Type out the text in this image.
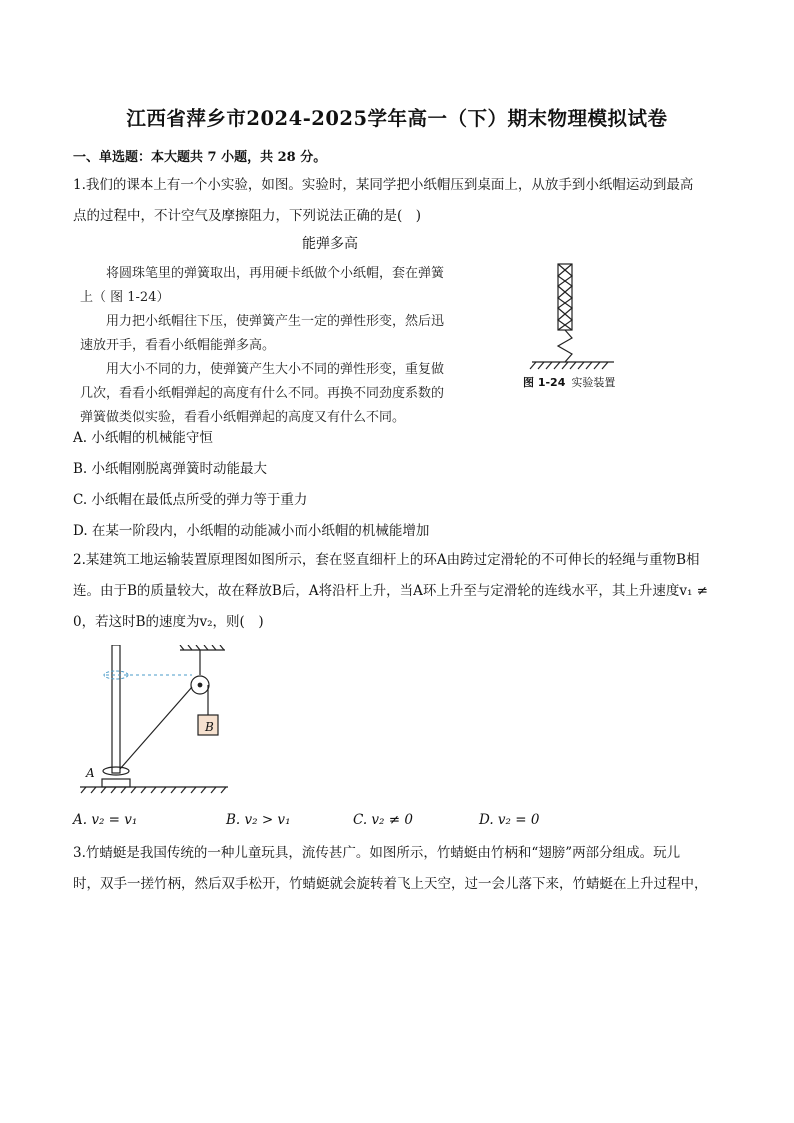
江西省萍乡市2024-2025学年高一（下）期末物理模拟试卷
一、单选题：本大题共 7 小题，共 28 分。
1.我们的课本上有一个小实验，如图。实验时，某同学把小纸帽压到桌面上，从放手到小纸帽运动到最高
点的过程中，不计空气及摩擦阻力，下列说法正确的是(　)
能弹多高

将圆珠笔里的弹簧取出，再用硬卡纸做个小纸帽，套在弹簧

上（ 图 1-24）

用力把小纸帽往下压，使弹簧产生一定的弹性形变，然后迅

速放开手，看看小纸帽能弹多高。

用大小不同的力，使弹簧产生大小不同的弹性形变，重复做

几次，看看小纸帽弹起的高度有什么不同。再换不同劲度系数的

弹簧做类似实验，看看小纸帽弹起的高度又有什么不同。

图 1-24 实验装置
A. 小纸帽的机械能守恒
B. 小纸帽刚脱离弹簧时动能最大
C. 小纸帽在最低点所受的弹力等于重力
D. 在某一阶段内，小纸帽的动能减小而小纸帽的机械能增加
2.某建筑工地运输装置原理图如图所示，套在竖直细杆上的环A由跨过定滑轮的不可伸长的轻绳与重物B相
连。由于B的质量较大，故在释放B后，A将沿杆上升，当A环上升至与定滑轮的连线水平，其上升速度v₁ ≠
0，若这时B的速度为v₂，则(　)
B
A
A. v₂ = v₁	B. v₂ > v₁	C. v₂ ≠ 0	D. v₂ = 0
3.竹蜻蜓是我国传统的一种儿童玩具，流传甚广。如图所示，竹蜻蜓由竹柄和“翅膀”两部分组成。玩儿
时，双手一搓竹柄，然后双手松开，竹蜻蜓就会旋转着飞上天空，过一会儿落下来，竹蜻蜓在上升过程中，
